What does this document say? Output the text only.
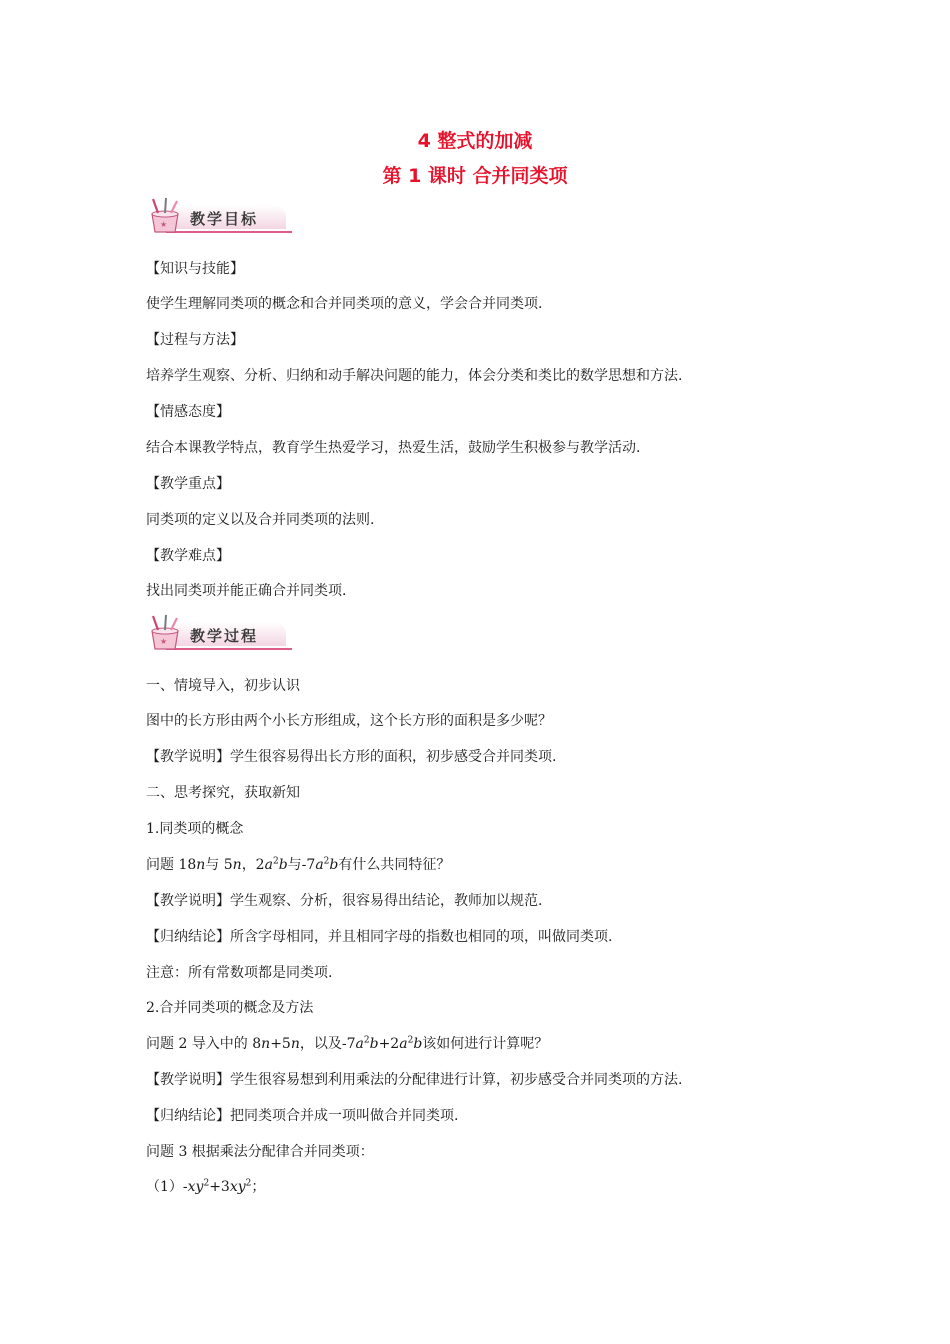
4 整式的加减
第 1 课时 合并同类项
★ 教学目标
【知识与技能】
使学生理解同类项的概念和合并同类项的意义，学会合并同类项.
【过程与方法】
培养学生观察、分析、归纳和动手解决问题的能力，体会分类和类比的数学思想和方法.
【情感态度】
结合本课教学特点，教育学生热爱学习，热爱生活，鼓励学生积极参与教学活动.
【教学重点】
同类项的定义以及合并同类项的法则.
【教学难点】
找出同类项并能正确合并同类项.
★ 教学过程
一、情境导入，初步认识
图中的长方形由两个小长方形组成，这个长方形的面积是多少呢？
【教学说明】学生很容易得出长方形的面积，初步感受合并同类项.
二、思考探究，获取新知
1.同类项的概念
问题 18n与 5n，$2a^2b$与$-7a^2b$有什么共同特征？
【教学说明】学生观察、分析，很容易得出结论，教师加以规范.
【归纳结论】所含字母相同，并且相同字母的指数也相同的项，叫做同类项.
注意：所有常数项都是同类项.
2.合并同类项的概念及方法
问题 2 导入中的 8n+5n，以及$-7a^2b+2a^2b$该如何进行计算呢？
【教学说明】学生很容易想到利用乘法的分配律进行计算，初步感受合并同类项的方法.
【归纳结论】把同类项合并成一项叫做合并同类项.
问题 3 根据乘法分配律合并同类项：
$(1)-xy^2+3xy^2$；
